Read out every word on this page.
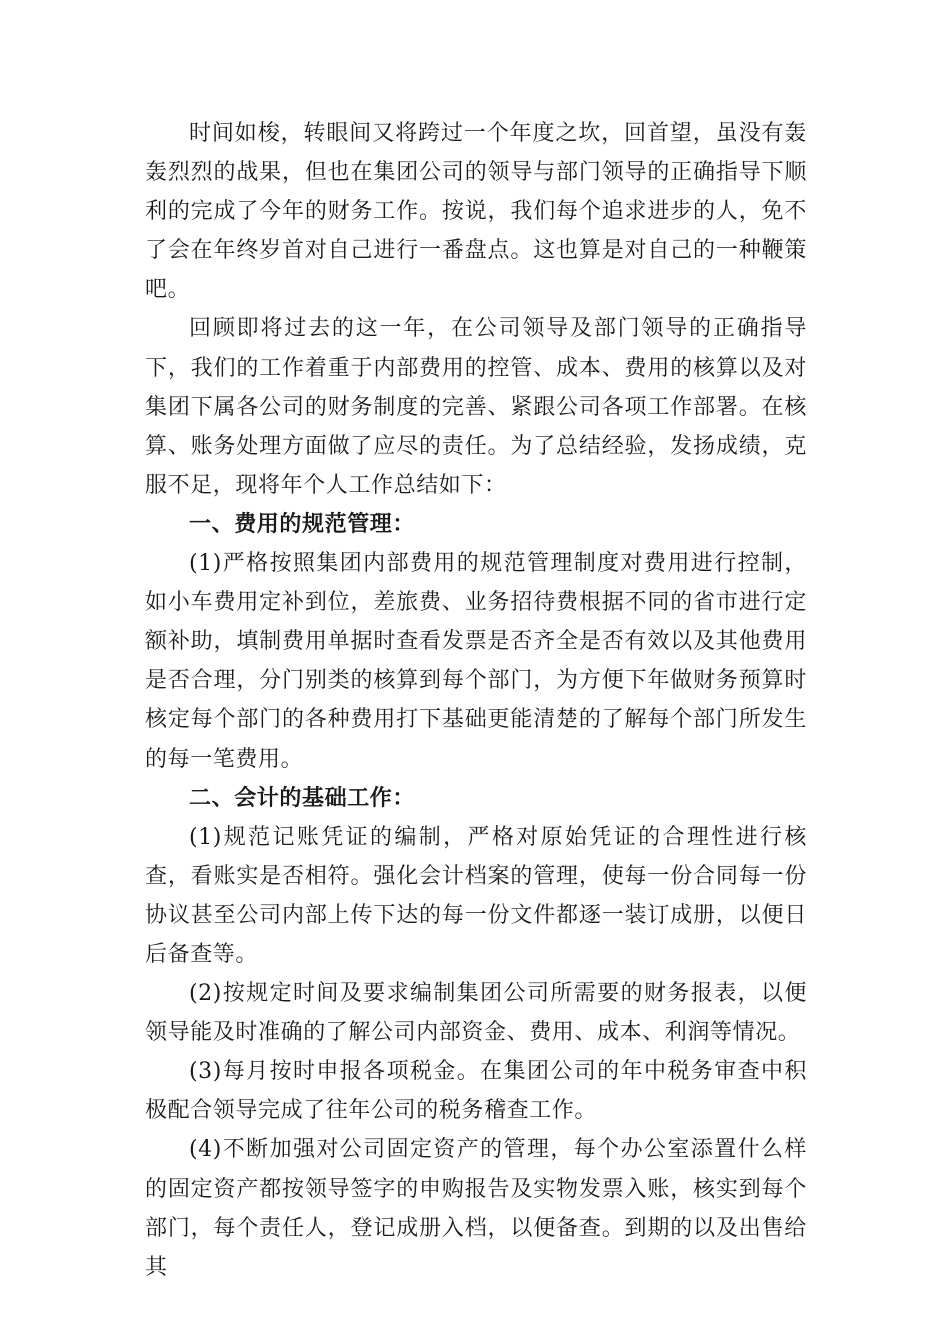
时间如梭，转眼间又将跨过一个年度之坎，回首望，虽没有轰轰烈烈的战果，但也在集团公司的领导与部门领导的正确指导下顺利的完成了今年的财务工作。按说，我们每个追求进步的人，免不了会在年终岁首对自己进行一番盘点。这也算是对自己的一种鞭策吧。

回顾即将过去的这一年，在公司领导及部门领导的正确指导下，我们的工作着重于内部费用的控管、成本、费用的核算以及对集团下属各公司的财务制度的完善、紧跟公司各项工作部署。在核算、账务处理方面做了应尽的责任。为了总结经验，发扬成绩，克服不足，现将年个人工作总结如下：

一、费用的规范管理：

(1)严格按照集团内部费用的规范管理制度对费用进行控制，如小车费用定补到位，差旅费、业务招待费根据不同的省市进行定额补助，填制费用单据时查看发票是否齐全是否有效以及其他费用是否合理，分门别类的核算到每个部门，为方便下年做财务预算时核定每个部门的各种费用打下基础更能清楚的了解每个部门所发生的每一笔费用。

二、会计的基础工作：

(1)规范记账凭证的编制，严格对原始凭证的合理性进行核查，看账实是否相符。强化会计档案的管理，使每一份合同每一份协议甚至公司内部上传下达的每一份文件都逐一装订成册，以便日后备查等。

(2)按规定时间及要求编制集团公司所需要的财务报表，以便领导能及时准确的了解公司内部资金、费用、成本、利润等情况。

(3)每月按时申报各项税金。在集团公司的年中税务审查中积极配合领导完成了往年公司的税务稽查工作。

(4)不断加强对公司固定资产的管理，每个办公室添置什么样的固定资产都按领导签字的申购报告及实物发票入账，核实到每个部门，每个责任人，登记成册入档，以便备查。到期的以及出售给其
